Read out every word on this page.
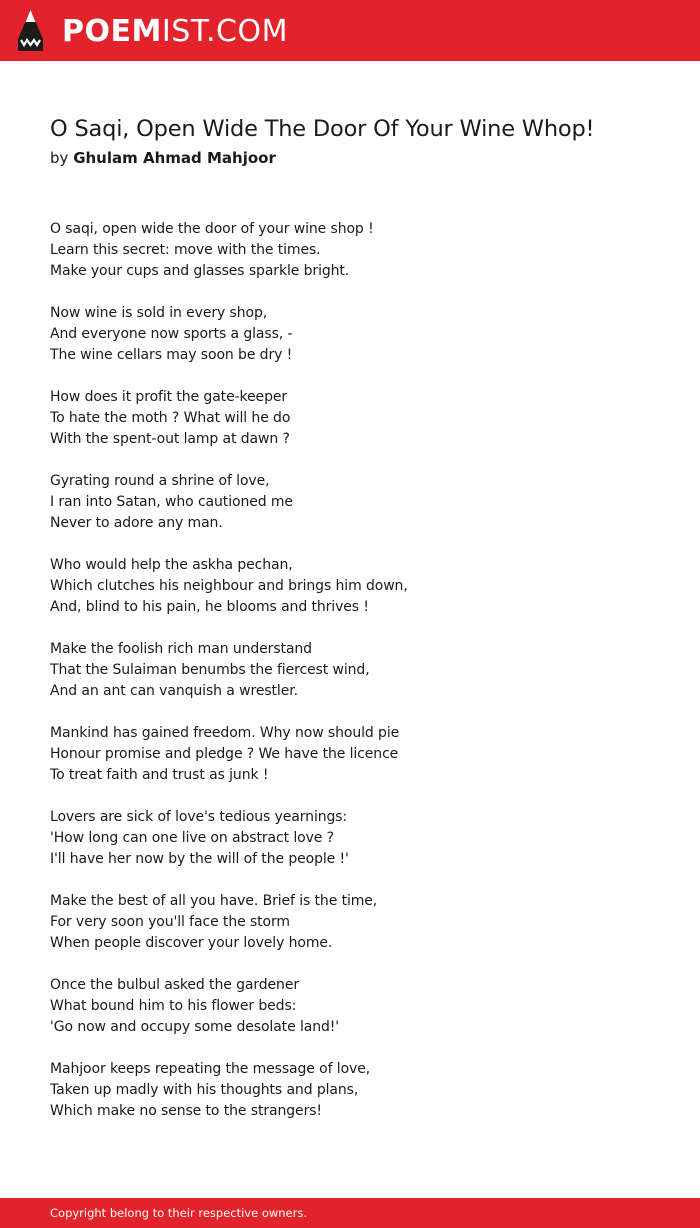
POEM IST.COM
O Saqi, Open Wide The Door Of Your Wine Whop!
by Ghulam Ahmad Mahjoor
O saqi, open wide the door of your wine shop !
Learn this secret: move with the times.
Make your cups and glasses sparkle bright.
Now wine is sold in every shop,
And everyone now sports a glass, -
The wine cellars may soon be dry !
How does it profit the gate-keeper
To hate the moth ? What will he do
With the spent-out lamp at dawn ?
Gyrating round a shrine of love,
I ran into Satan, who cautioned me
Never to adore any man.
Who would help the askha pechan,
Which clutches his neighbour and brings him down,
And, blind to his pain, he blooms and thrives !
Make the foolish rich man understand
That the Sulaiman benumbs the fiercest wind,
And an ant can vanquish a wrestler.
Mankind has gained freedom. Why now should pie
Honour promise and pledge ? We have the licence
To treat faith and trust as junk !
Lovers are sick of love's tedious yearnings:
'How long can one live on abstract love ?
I'll have her now by the will of the people !'
Make the best of all you have. Brief is the time,
For very soon you'll face the storm
When people discover your lovely home.
Once the bulbul asked the gardener
What bound him to his flower beds:
'Go now and occupy some desolate land!'
Mahjoor keeps repeating the message of love,
Taken up madly with his thoughts and plans,
Which make no sense to the strangers!
Copyright belong to their respective owners.
